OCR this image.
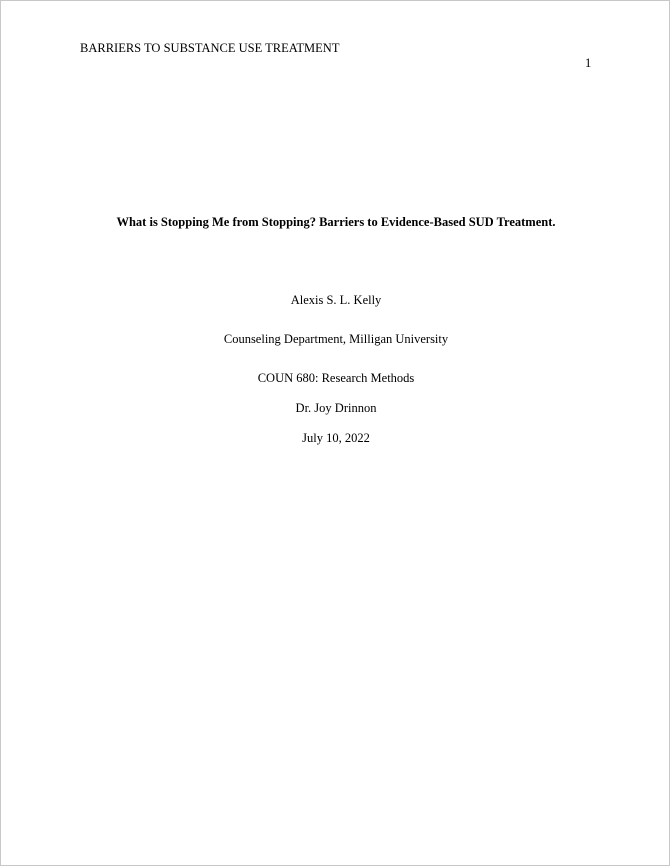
BARRIERS TO SUBSTANCE USE TREATMENT
1
What is Stopping Me from Stopping? Barriers to Evidence-Based SUD Treatment.
Alexis S. L. Kelly
Counseling Department, Milligan University
COUN 680: Research Methods
Dr. Joy Drinnon
July 10, 2022
